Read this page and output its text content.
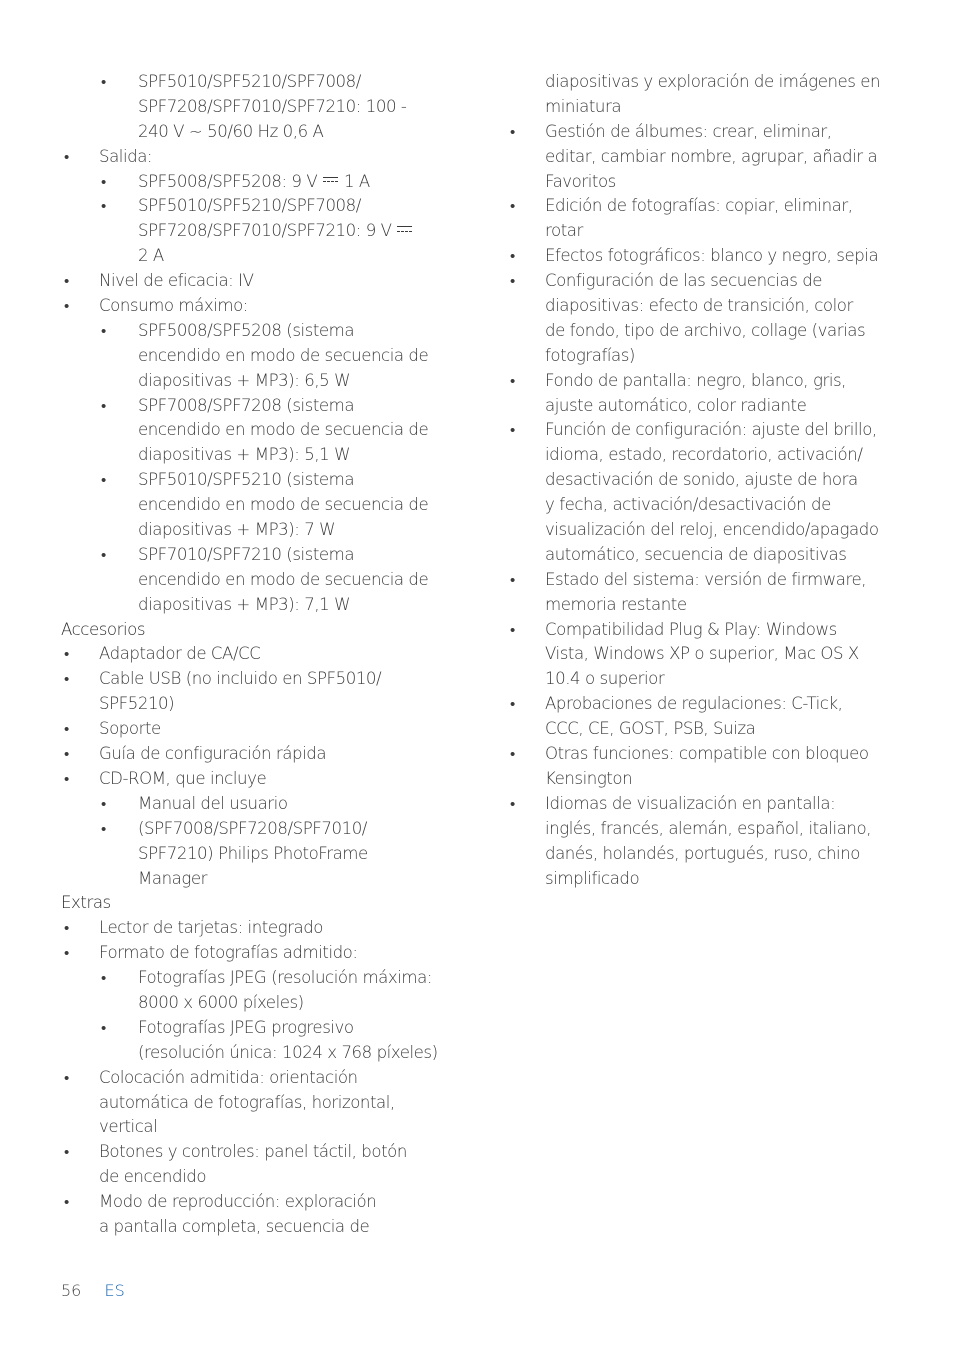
• SPF5010/SPF5210/SPF7008/
SPF7208/SPF7010/SPF7210: 100 -
240 V ~ 50/60 Hz 0,6 A
• Salida:
• SPF5008/SPF5208: 9 V 1 A
• SPF5010/SPF5210/SPF7008/
SPF7208/SPF7010/SPF7210: 9 V
2 A
• Nivel de eficacia: IV
• Consumo máximo:
• SPF5008/SPF5208 (sistema
encendido en modo de secuencia de
diapositivas + MP3): 6,5 W
• SPF7008/SPF7208 (sistema
encendido en modo de secuencia de
diapositivas + MP3): 5,1 W
• SPF5010/SPF5210 (sistema
encendido en modo de secuencia de
diapositivas + MP3): 7 W
• SPF7010/SPF7210 (sistema
encendido en modo de secuencia de
diapositivas + MP3): 7,1 W
Accesorios
• Adaptador de CA/CC
• Cable USB (no incluido en SPF5010/
SPF5210)
• Soporte
• Guía de configuración rápida
• CD-ROM, que incluye
• Manual del usuario
• (SPF7008/SPF7208/SPF7010/
SPF7210) Philips PhotoFrame
Manager
Extras
• Lector de tarjetas: integrado
• Formato de fotografías admitido:
• Fotografías JPEG (resolución máxima:
8000 x 6000 píxeles)
• Fotografías JPEG progresivo
(resolución única: 1024 x 768 píxeles)
• Colocación admitida: orientación
automática de fotografías, horizontal,
vertical
• Botones y controles: panel táctil, botón
de encendido
• Modo de reproducción: exploración
a pantalla completa, secuencia de
diapositivas y exploración de imágenes en
miniatura
• Gestión de álbumes: crear, eliminar,
editar, cambiar nombre, agrupar, añadir a
Favoritos
• Edición de fotografías: copiar, eliminar,
rotar
• Efectos fotográficos: blanco y negro, sepia
• Configuración de las secuencias de
diapositivas: efecto de transición, color
de fondo, tipo de archivo, collage (varias
fotografías)
• Fondo de pantalla: negro, blanco, gris,
ajuste automático, color radiante
• Función de configuración: ajuste del brillo,
idioma, estado, recordatorio, activación/
desactivación de sonido, ajuste de hora
y fecha, activación/desactivación de
visualización del reloj, encendido/apagado
automático, secuencia de diapositivas
• Estado del sistema: versión de firmware,
memoria restante
• Compatibilidad Plug & Play: Windows
Vista, Windows XP o superior, Mac OS X
10.4 o superior
• Aprobaciones de regulaciones: C-Tick,
CCC, CE, GOST, PSB, Suiza
• Otras funciones: compatible con bloqueo
Kensington
• Idiomas de visualización en pantalla:
inglés, francés, alemán, español, italiano,
danés, holandés, portugués, ruso, chino
simplificado
56 ES
